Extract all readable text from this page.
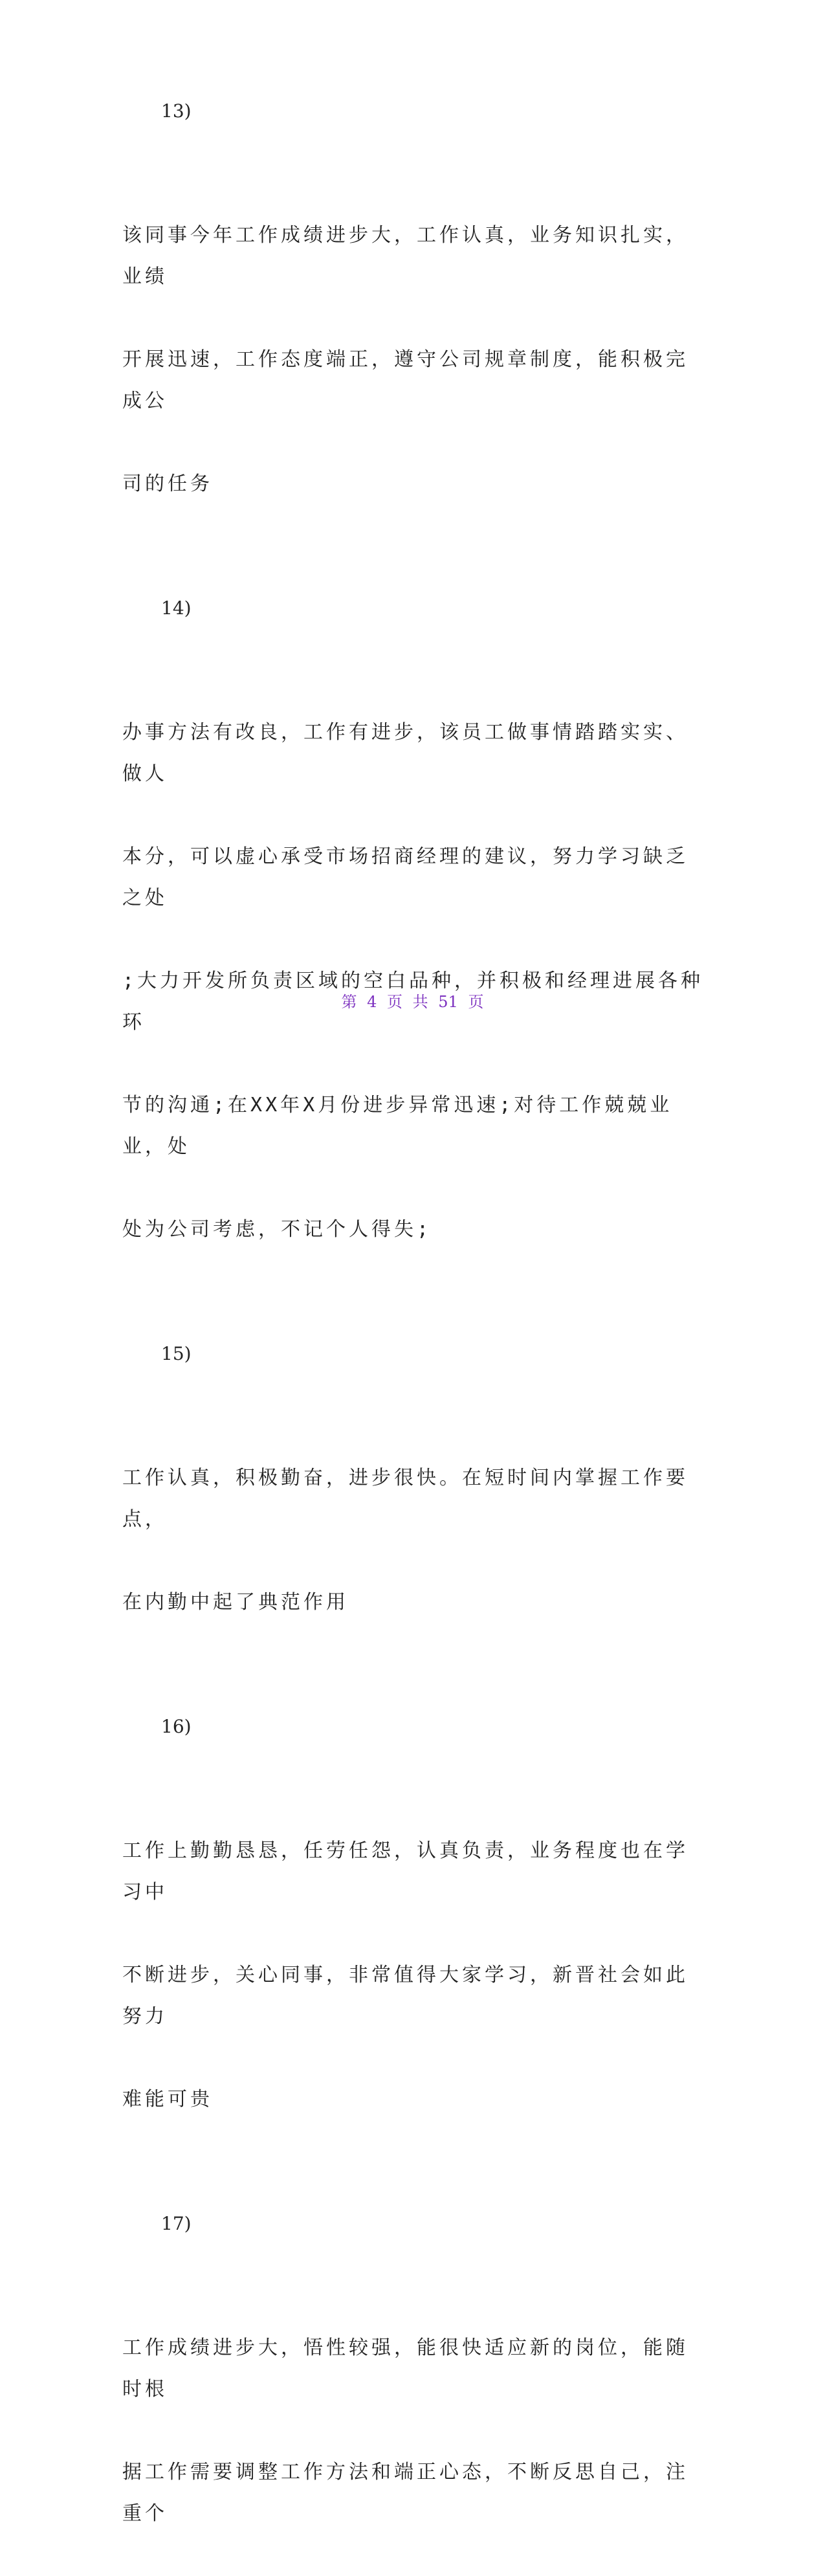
13)

该同事今年工作成绩进步大，工作认真，业务知识扎实，业绩

开展迅速，工作态度端正，遵守公司规章制度，能积极完成公

司的任务

14)

办事方法有改良，工作有进步，该员工做事情踏踏实实、做人

本分，可以虚心承受市场招商经理的建议，努力学习缺乏之处

;大力开发所负责区域的空白品种，并积极和经理进展各种环

节的沟通;在XX年X月份进步异常迅速;对待工作兢兢业业，处

处为公司考虑，不记个人得失;

15)

工作认真，积极勤奋，进步很快。在短时间内掌握工作要点，

在内勤中起了典范作用

16)

工作上勤勤恳恳，任劳任怨，认真负责，业务程度也在学习中

不断进步，关心同事，非常值得大家学习，新晋社会如此努力

难能可贵

17)

工作成绩进步大，悟性较强，能很快适应新的岗位，能随时根

据工作需要调整工作方法和端正心态，不断反思自己，注重个

第 4 页 共 51 页
